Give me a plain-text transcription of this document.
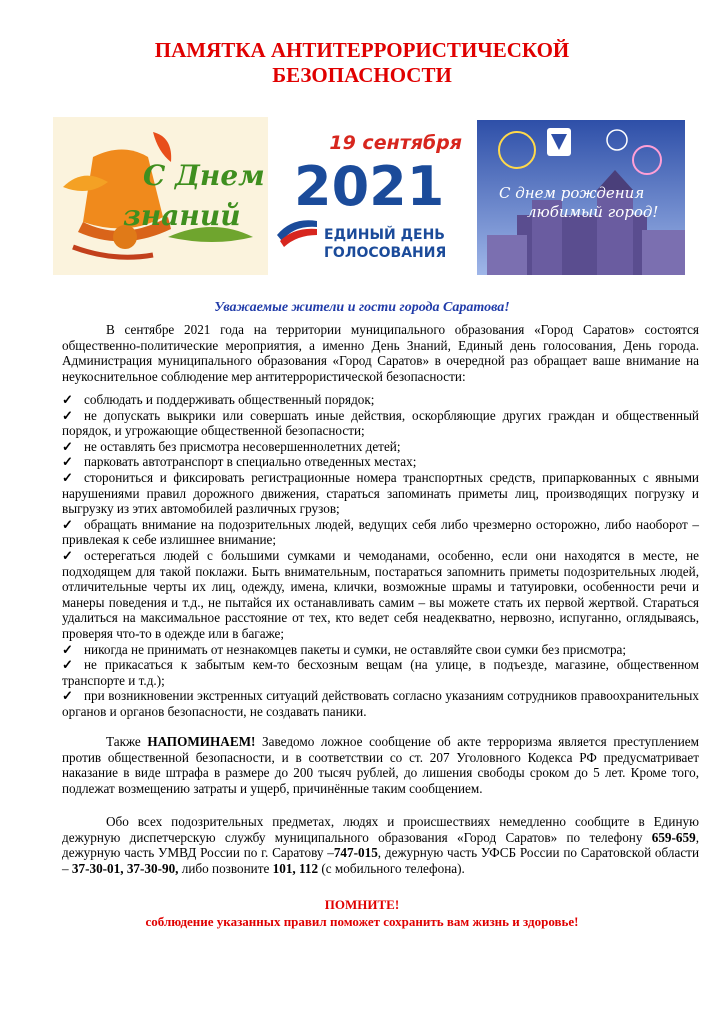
ПАМЯТКА АНТИТЕРРОРИСТИЧЕСКОЙ
БЕЗОПАСНОСТИ
С Днем
знаний
19 сентября
2021
ЕДИНЫЙ ДЕНЬ
ГОЛОСОВАНИЯ
С днем рождения
любимый город!
Уважаемые жители и гости города Саратова!
В сентябре 2021 года на территории муниципального образования «Город Саратов» состоятся общественно-политические мероприятия, а именно День Знаний, Единый день голосования, День города. Администрация муниципального образования «Город Саратов» в очередной раз обращает ваше внимание на неукоснительное соблюдение мер антитеррористической безопасности:

✓ соблюдать и поддерживать общественный порядок;

✓ не допускать выкрики или совершать иные действия, оскорбляющие других граждан и общественный порядок, и угрожающие общественной безопасности;

✓ не оставлять без присмотра несовершеннолетних детей;

✓ парковать автотранспорт в специально отведенных местах;

✓ сторониться и фиксировать регистрационные номера транспортных средств, припаркованных с явными нарушениями правил дорожного движения, стараться запоминать приметы лиц, производящих погрузку и выгрузку из этих автомобилей различных грузов;

✓ обращать внимание на подозрительных людей, ведущих себя либо чрезмерно осторожно, либо наоборот – привлекая к себе излишнее внимание;

✓ остерегаться людей с большими сумками и чемоданами, особенно, если они находятся в месте, не подходящем для такой поклажи. Быть внимательным, постараться запомнить приметы подозрительных людей, отличительные черты их лиц, одежду, имена, клички, возможные шрамы и татуировки, особенности речи и манеры поведения и т.д., не пытайся их останавливать самим – вы можете стать их первой жертвой. Стараться удалиться на максимальное расстояние от тех, кто ведет себя неадекватно, нервозно, испуганно, оглядываясь, проверяя что-то в одежде или в багаже;

✓ никогда не принимать от незнакомцев пакеты и сумки, не оставляйте свои сумки без присмотра;

✓ не прикасаться к забытым кем-то бесхозным вещам (на улице, в подъезде, магазине, общественном транспорте и т.д.);

✓ при возникновении экстренных ситуаций действовать согласно указаниям сотрудников правоохранительных органов и органов безопасности, не создавать паники.

Также НАПОМИНАЕМ! Заведомо ложное сообщение об акте терроризма является преступлением против общественной безопасности, и в соответствии со ст. 207 Уголовного Кодекса РФ предусматривает наказание в виде штрафа в размере до 200 тысяч рублей, до лишения свободы сроком до 5 лет. Кроме того, подлежат возмещению затраты и ущерб, причинённые таким сообщением.
Обо всех подозрительных предметах, людях и происшествиях немедленно сообщите в Единую дежурную диспетчерскую службу муниципального образования «Город Саратов» по телефону 659-659, дежурную часть УМВД России по г. Саратову –747-015, дежурную часть УФСБ России по Саратовской области – 37-30-01, 37-30-90, либо позвоните 101, 112 (с мобильного телефона).
ПОМНИТЕ!
соблюдение указанных правил поможет сохранить вам жизнь и здоровье!
